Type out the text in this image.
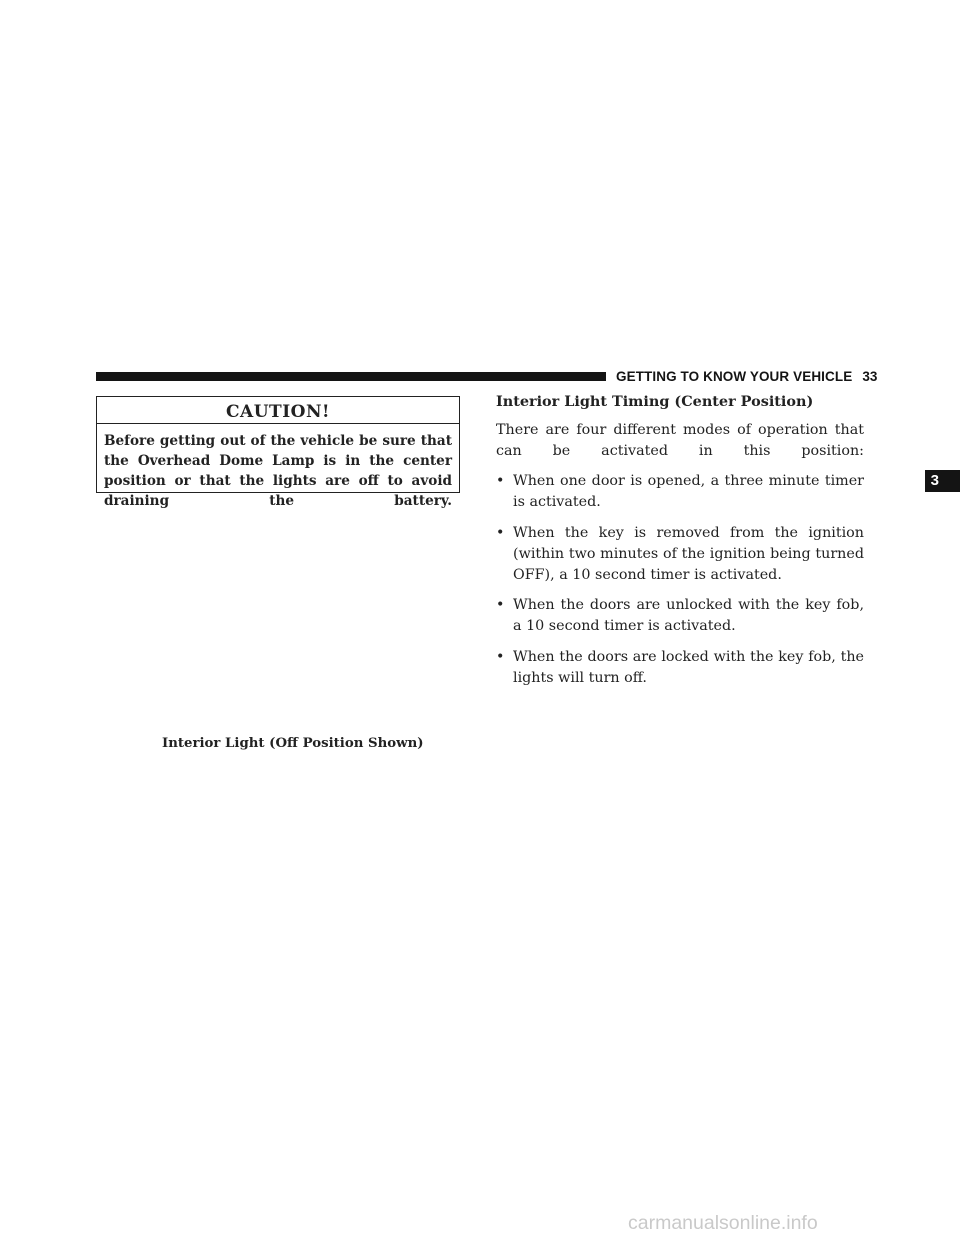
GETTING TO KNOW YOUR VEHICLE 33
CAUTION!
Before getting out of the vehicle be sure that the Overhead Dome Lamp is in the center position or that the lights are off to avoid draining the battery.
Interior Light (Off Position Shown)
Interior Light Timing (Center Position)

There are four different modes of operation that can be activated in this position:

• When one door is opened, a three minute timer is activated.
• When the key is removed from the ignition (within two minutes of the ignition being turned OFF), a 10 second timer is activated.
• When the doors are unlocked with the key fob, a 10 second timer is activated.
• When the doors are locked with the key fob, the lights will turn off.
3
carmanualsonline.info
